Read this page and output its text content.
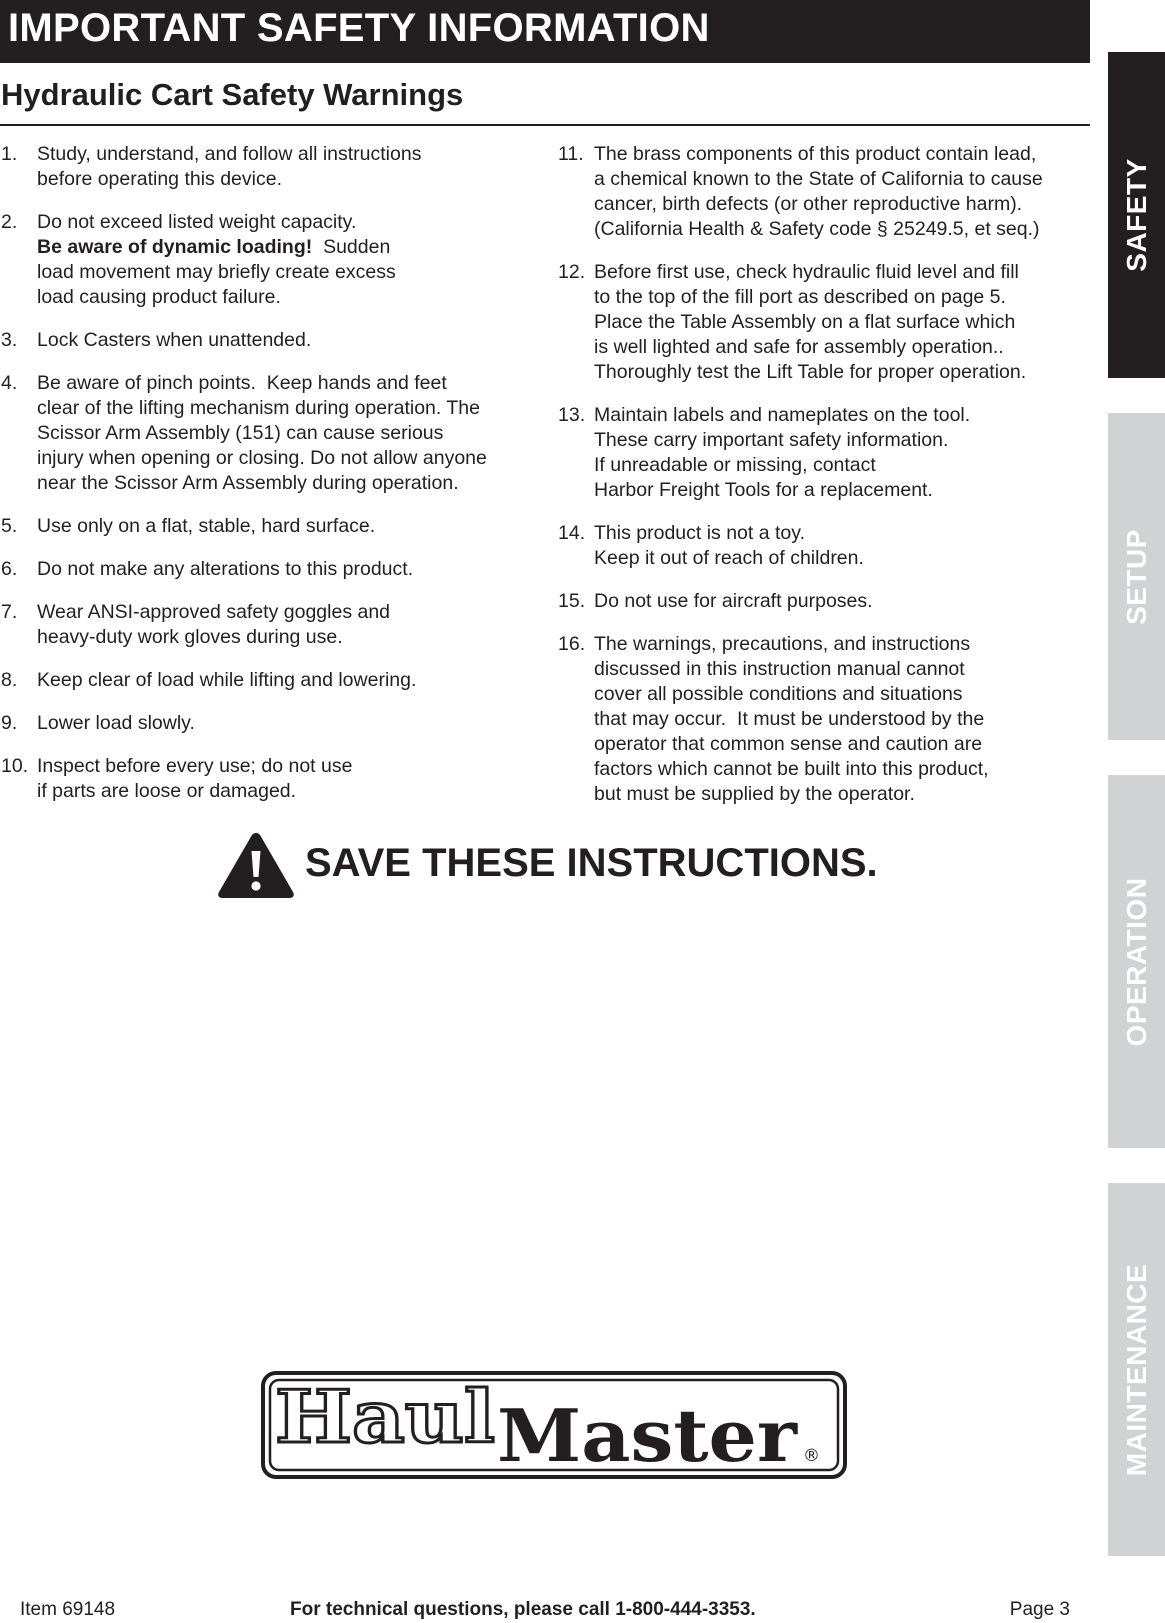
IMPORTANT SAFETY INFORMATION
Hydraulic Cart Safety Warnings
1. Study, understand, and follow all instructions
before operating this device.
2. Do not exceed listed weight capacity.
Be aware of dynamic loading!  Sudden
load movement may briefly create excess
load causing product failure.
3. Lock Casters when unattended.
4. Be aware of pinch points.  Keep hands and feet
clear of the lifting mechanism during operation. The
Scissor Arm Assembly (151) can cause serious
injury when opening or closing. Do not allow anyone
near the Scissor Arm Assembly during operation.
5. Use only on a flat, stable, hard surface.
6. Do not make any alterations to this product.
7. Wear ANSI-approved safety goggles and
heavy-duty work gloves during use.
8. Keep clear of load while lifting and lowering.
9. Lower load slowly.
10. Inspect before every use; do not use
if parts are loose or damaged.
11. The brass components of this product contain lead,
a chemical known to the State of California to cause
cancer, birth defects (or other reproductive harm).
(California Health & Safety code § 25249.5, et seq.)
12. Before first use, check hydraulic fluid level and fill
to the top of the fill port as described on page 5.
Place the Table Assembly on a flat surface which
is well lighted and safe for assembly operation..
Thoroughly test the Lift Table for proper operation.
13. Maintain labels and nameplates on the tool.
These carry important safety information.
If unreadable or missing, contact
Harbor Freight Tools for a replacement.
14. This product is not a toy.
Keep it out of reach of children.
15. Do not use for aircraft purposes.
16. The warnings, precautions, and instructions
discussed in this instruction manual cannot
cover all possible conditions and situations
that may occur.  It must be understood by the
operator that common sense and caution are
factors which cannot be built into this product,
but must be supplied by the operator.
SAVE THESE INSTRUCTIONS.
Haul Master ®
SAFETY
SETUP
OPERATION
MAINTENANCE
Item 69148	For technical questions, please call 1-800-444-3353.	Page 3
